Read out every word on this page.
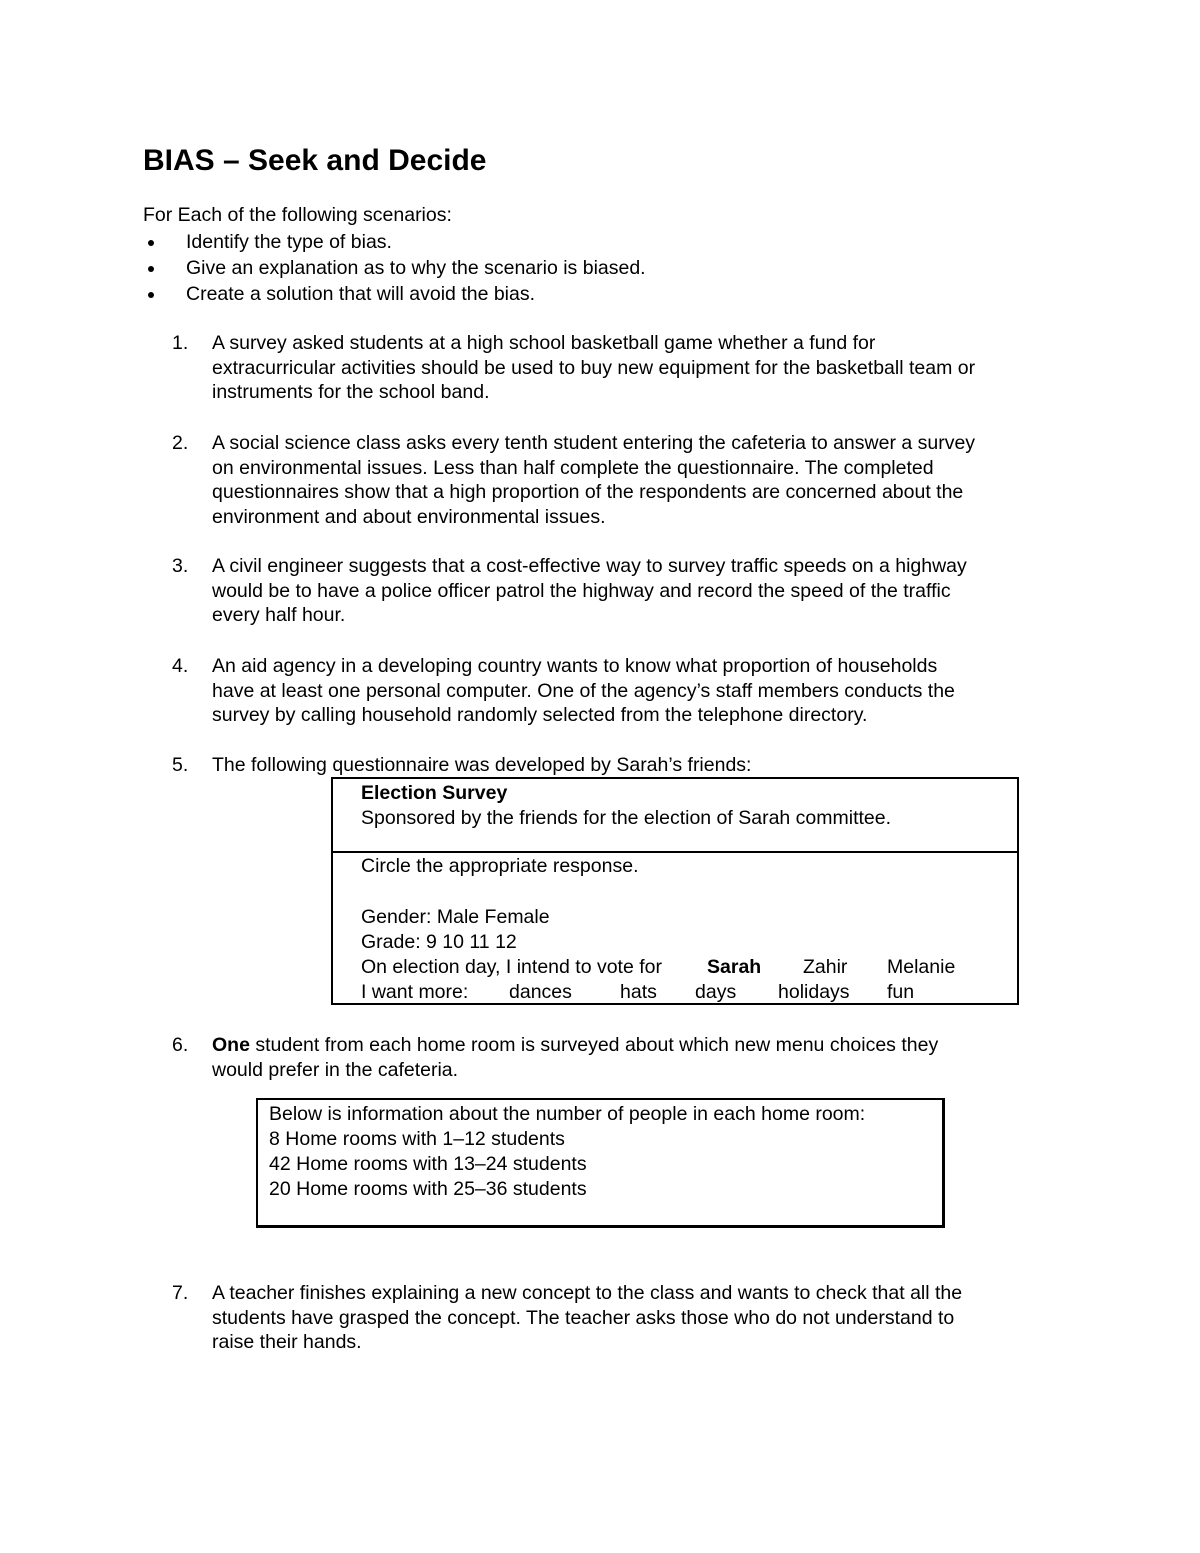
BIAS – Seek and Decide
For Each of the following scenarios:
Identify the type of bias.
Give an explanation as to why the scenario is biased.
Create a solution that will avoid the bias.
1. A survey asked students at a high school basketball game whether a fund for
extracurricular activities should be used to buy new equipment for the basketball team or
instruments for the school band.
2. A social science class asks every tenth student entering the cafeteria to answer a survey
on environmental issues. Less than half complete the questionnaire. The completed
questionnaires show that a high proportion of the respondents are concerned about the
environment and about environmental issues.
3. A civil engineer suggests that a cost-effective way to survey traffic speeds on a highway
would be to have a police officer patrol the highway and record the speed of the traffic
every half hour.
4. An aid agency in a developing country wants to know what proportion of households
have at least one personal computer. One of the agency’s staff members conducts the
survey by calling household randomly selected from the telephone directory.
5. The following questionnaire was developed by Sarah’s friends:
Election Survey
Sponsored by the friends for the election of Sarah committee.
Circle the appropriate response.
Gender: Male Female
Grade: 9 10 11 12
On election day, I intend to vote for Sarah Zahir Melanie
I want more: dances hats days holidays fun
6. One student from each home room is surveyed about which new menu choices they
would prefer in the cafeteria.
Below is information about the number of people in each home room:
8 Home rooms with 1–12 students
42 Home rooms with 13–24 students
20 Home rooms with 25–36 students
7. A teacher finishes explaining a new concept to the class and wants to check that all the
students have grasped the concept. The teacher asks those who do not understand to
raise their hands.
